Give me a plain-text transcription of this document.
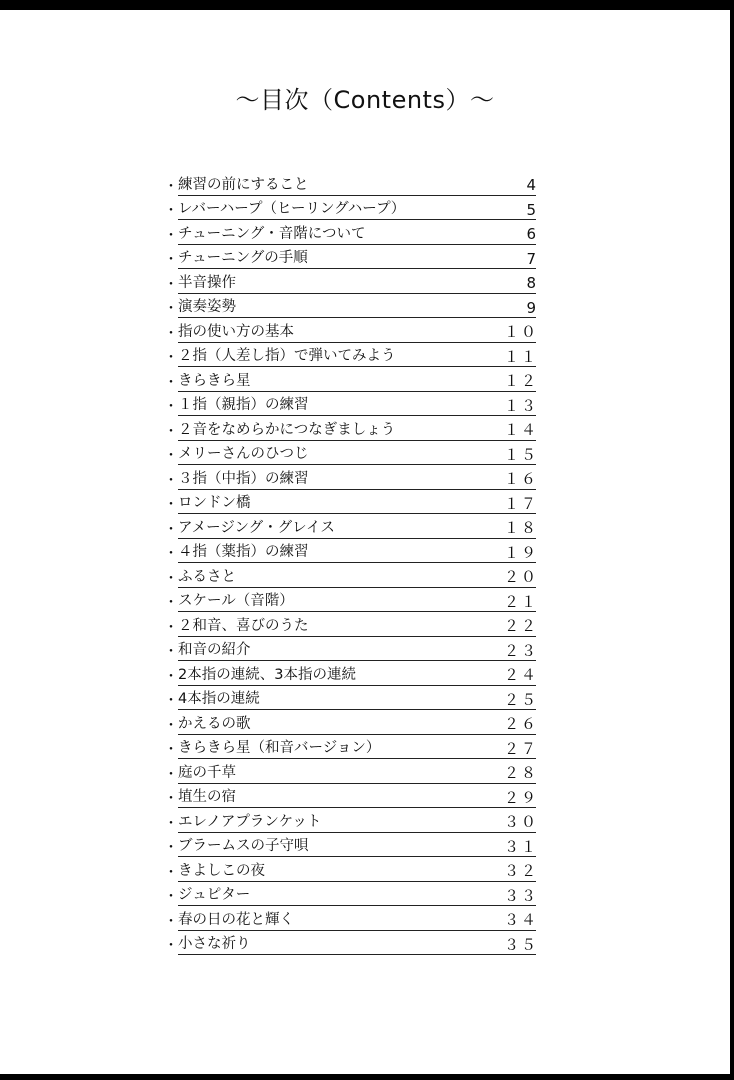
〜目次（Contents）〜
・ 練習の前にすること	4
・ レバーハープ（ヒーリングハープ）	5
・ チューニング・音階について	6
・ チューニングの手順	7
・ 半音操作	8
・ 演奏姿勢	9
・ 指の使い方の基本	１０
・ ２指（人差し指）で弾いてみよう	１１
・ きらきら星	１２
・ １指（親指）の練習	１３
・ ２音をなめらかにつなぎましょう	１４
・ メリーさんのひつじ	１５
・ ３指（中指）の練習	１６
・ ロンドン橋	１７
・ アメージング・グレイス	１８
・ ４指（薬指）の練習	１９
・ ふるさと	２０
・ スケール（音階）	２１
・ ２和音、喜びのうた	２２
・ 和音の紹介	２３
・ 2本指の連続、3本指の連続	２４
・ 4本指の連続	２５
・ かえるの歌	２６
・ きらきら星（和音バージョン）	２７
・ 庭の千草	２８
・ 埴生の宿	２９
・ エレノアプランケット	３０
・ ブラームスの子守唄	３１
・ きよしこの夜	３２
・ ジュピター	３３
・ 春の日の花と輝く	３４
・ 小さな祈り	３５
